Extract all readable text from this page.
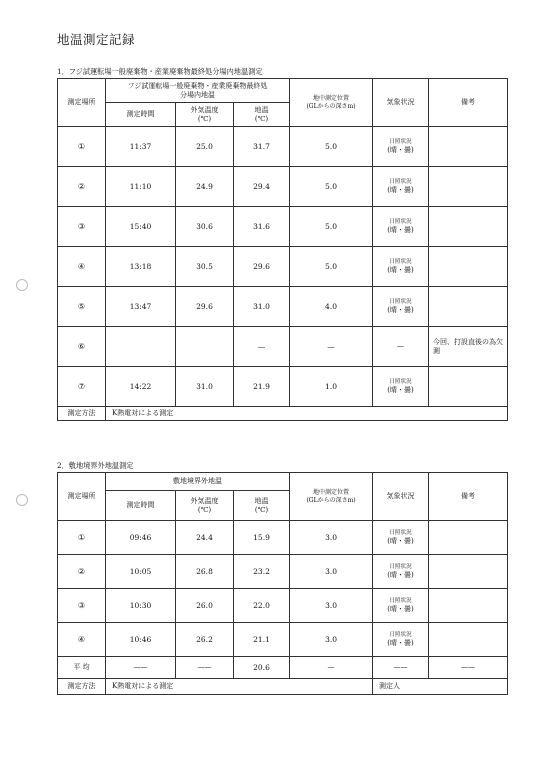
地温測定記録
1．フジ試運転場一般廃棄物・産業廃棄物最終処分場内地温測定
測定場所	フジ試運転場一般廃棄物・産業廃棄物最終処分場内地温			地中測定位置
(GLからの深さm)	気象状況	備考
	測定時間	外気温度
(℃)	地温
(℃)			
①	11:37	25.0	31.7	5.0	日照状況
(晴・曇)	

②	11:10	24.9	29.4	5.0	日照状況
(晴・曇)	

③	15:40	30.6	31.6	5.0	日照状況
(晴・曇)	

④	13:18	30.5	29.6	5.0	日照状況
(晴・曇)	

⑤	13:47	29.6	31.0	4.0	日照状況
(晴・曇)	

⑥			—	—	—	今回、打設直後の為欠測
⑦	14:22	31.0	21.9	1.0	日照状況
(晴・曇)	

測定方法	K熱電対による測定					
2．敷地境界外地温測定
測定場所	敷地境界外地温			地中測定位置
(GLからの深さm)	気象状況	備考
	測定時間	外気温度
(℃)	地温
(℃)			
①	09:46	24.4	15.9	3.0	日照状況
(晴・曇)	

②	10:05	26.8	23.2	3.0	日照状況
(晴・曇)	

③	10:30	26.0	22.0	3.0	日照状況
(晴・曇)	

④	10:46	26.2	21.1	3.0	日照状況
(晴・曇)	

平 均	——	——	20.6	—	——	——
測定方法	K熱電対による測定				測定人	
